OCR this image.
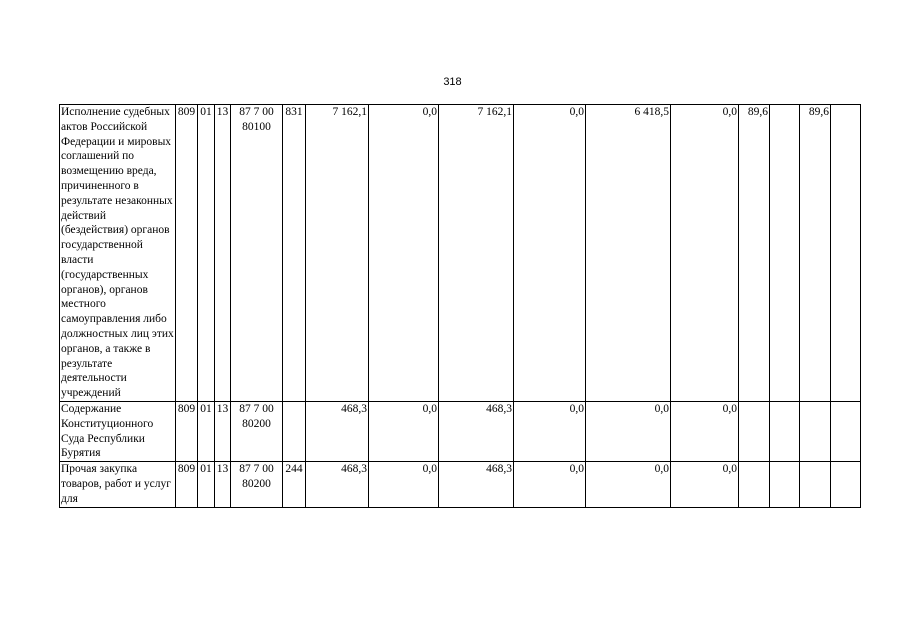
318
Исполнение судебных актов Российской Федерации и мировых соглашений по возмещению вреда, причиненного в результате незаконных действий (бездействия) органов государственной власти (государственных органов), органов местного самоуправления либо должностных лиц этих органов, а также в результате деятельности учреждений	809	01	13	87 7 00 80100	831	7 162,1	0,0	7 162,1	0,0	6 418,5	0,0	89,6		89,6	
Содержание Конституционного Суда Республики Бурятия	809	01	13	87 7 00 80200		468,3	0,0	468,3	0,0	0,0	0,0				
Прочая закупка товаров, работ и услуг для	809	01	13	87 7 00 80200	244	468,3	0,0	468,3	0,0	0,0	0,0				
